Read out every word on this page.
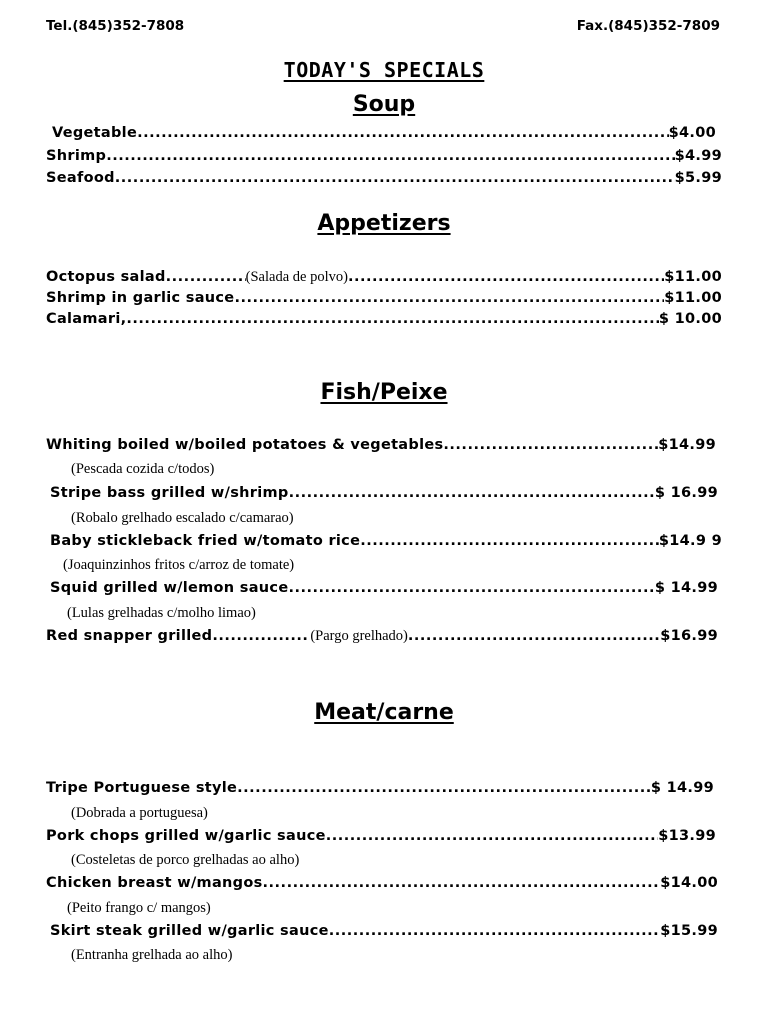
Tel.(845)352-7808	Fax.(845)352-7809
TODAY'S SPECIALS
Soup
Vegetable .....	$4.00
Shrimp .....	$4.99
Seafood .....	$5.99
Appetizers
Octopus salad .....	(Salada de polvo) .....	$11.00
Shrimp in garlic sauce .....	$11.00
Calamari, .....	$ 10.00
Fish/Peixe
Whiting boiled w/boiled potatoes & vegetables .....	$14.99
(Pescada cozida c/todos)
Stripe bass grilled w/shrimp .....	$ 16.99
(Robalo grelhado escalado c/camarao)
Baby stickleback fried w/tomato rice .....	$14.9 9
(Joaquinzinhos fritos c/arroz de tomate)
Squid grilled w/lemon sauce .....	$ 14.99
(Lulas grelhadas c/molho limao)
Red snapper grilled .....	(Pargo grelhado) .....	$16.99
Meat/carne
Tripe Portuguese style .....	$ 14.99
(Dobrada a portuguesa)
Pork chops grilled w/garlic sauce .....	$13.99
(Costeletas de porco grelhadas ao alho)
Chicken breast w/mangos .....	$14.00
(Peito frango c/ mangos)
Skirt steak grilled w/garlic sauce .....	$15.99
(Entranha grelhada ao alho)
